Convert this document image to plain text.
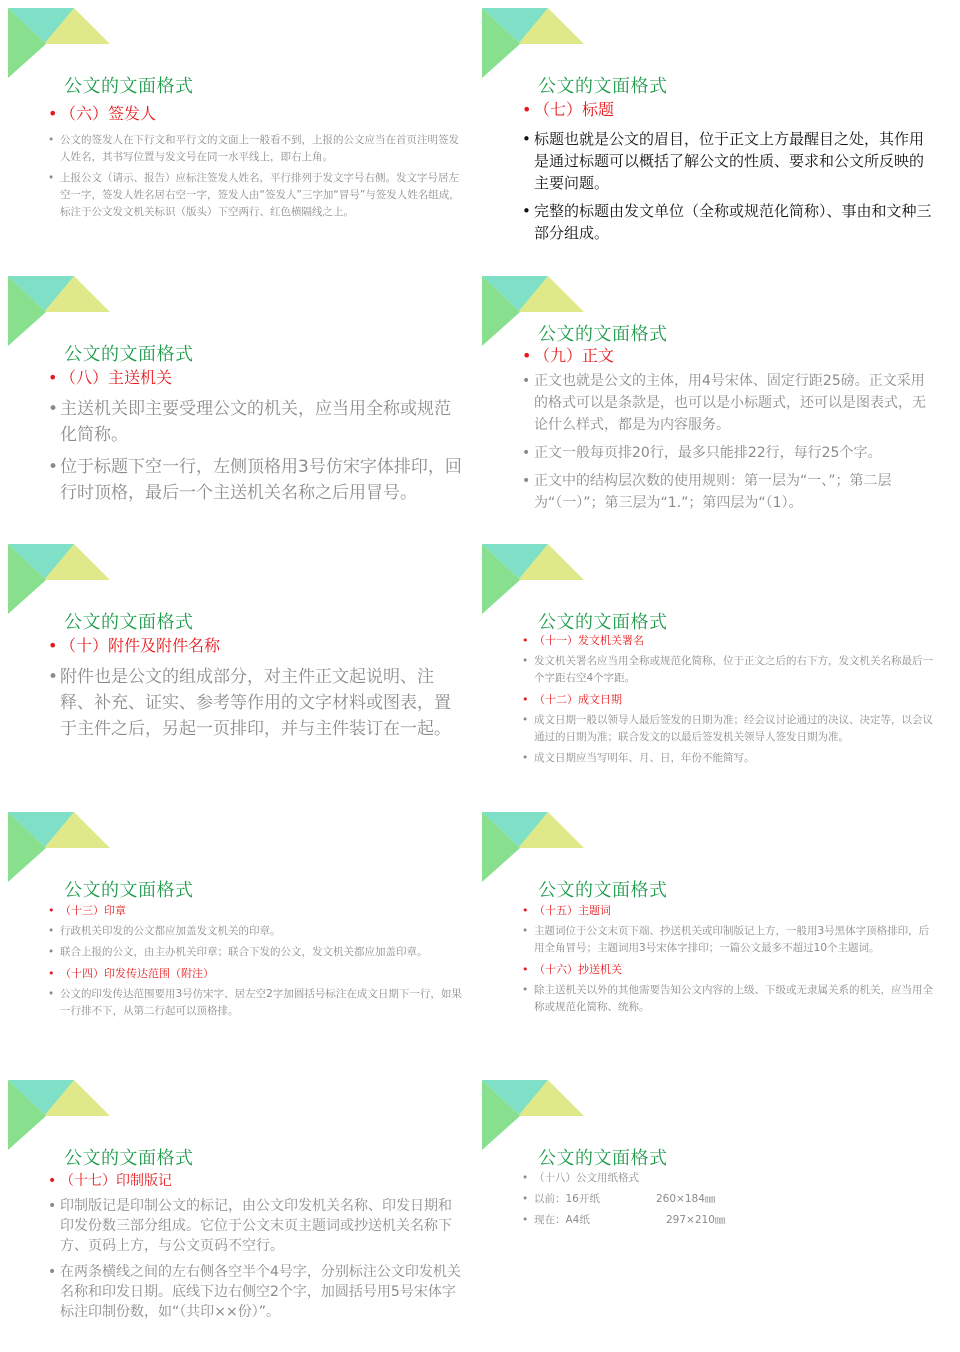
公文的文面格式
• （六）签发人
• 公文的签发人在下行文和平行文的文面上一般看不到，上报的公文应当在首页注明签发人姓名，其书写位置与发文号在同一水平线上，即右上角。
• 上报公文（请示、报告）应标注签发人姓名，平行排列于发文字号右侧。发文字号居左空一字，签发人姓名居右空一字，签发人由“签发人”三字加“冒号”与签发人姓名组成，标注于公文发文机关标识（版头）下空两行、红色横隔线之上。
公文的文面格式
• （七）标题
• 标题也就是公文的眉目，位于正文上方最醒目之处，其作用是通过标题可以概括了解公文的性质、要求和公文所反映的主要问题。
• 完整的标题由发文单位（全称或规范化简称）、事由和文种三部分组成。
公文的文面格式
• （八）主送机关
• 主送机关即主要受理公文的机关，应当用全称或规范化简称。
• 位于标题下空一行，左侧顶格用3号仿宋字体排印，回行时顶格，最后一个主送机关名称之后用冒号。
公文的文面格式
• （九）正文
• 正文也就是公文的主体，用4号宋体、固定行距25磅。正文采用的格式可以是条款是，也可以是小标题式，还可以是图表式，无论什么样式，都是为内容服务。
• 正文一般每页排20行，最多只能排22行，每行25个字。
• 正文中的结构层次数的使用规则：第一层为“一、”；第二层为“（一）”；第三层为“1.”；第四层为“（1）。
公文的文面格式
• （十）附件及附件名称
• 附件也是公文的组成部分，对主件正文起说明、注释、补充、证实、参考等作用的文字材料或图表，置于主件之后，另起一页排印，并与主件装订在一起。
公文的文面格式
• （十一）发文机关署名
• 发文机关署名应当用全称或规范化简称，位于正文之后的右下方，发文机关名称最后一个字距右空4个字距。
• （十二）成文日期
• 成文日期一般以领导人最后签发的日期为准；经会议讨论通过的决议、决定等，以会议通过的日期为准；联合发文的以最后签发机关领导人签发日期为准。
• 成文日期应当写明年、月、日，年份不能简写。
公文的文面格式
• （十三）印章
• 行政机关印发的公文都应加盖发文机关的印章。
• 联合上报的公文，由主办机关印章；联合下发的公文，发文机关都应加盖印章。
• （十四）印发传达范围（附注）
• 公文的印发传达范围要用3号仿宋字、居左空2字加圆括号标注在成文日期下一行，如果一行排不下，从第二行起可以顶格排。
公文的文面格式
• （十五）主题词
• 主题词位于公文末页下端、抄送机关或印制版记上方，一般用3号黑体字顶格排印，后用全角冒号；主题词用3号宋体字排印；一篇公文最多不超过10个主题词。
• （十六）抄送机关
• 除主送机关以外的其他需要告知公文内容的上级、下级或无隶属关系的机关，应当用全称或规范化简称、统称。
公文的文面格式
• （十七）印制版记
• 印制版记是印制公文的标记，由公文印发机关名称、印发日期和印发份数三部分组成。它位于公文末页主题词或抄送机关名称下方、页码上方，与公文页码不空行。
• 在两条横线之间的左右侧各空半个4号字，分别标注公文印发机关名称和印发日期。底线下边右侧空2个字，加圆括号用5号宋体字标注印制份数，如“（共印××份）”。
公文的文面格式
• （十八）公文用纸格式
• 以前：16开纸	260×184㎜
• 现在：A4纸	297×210㎜
